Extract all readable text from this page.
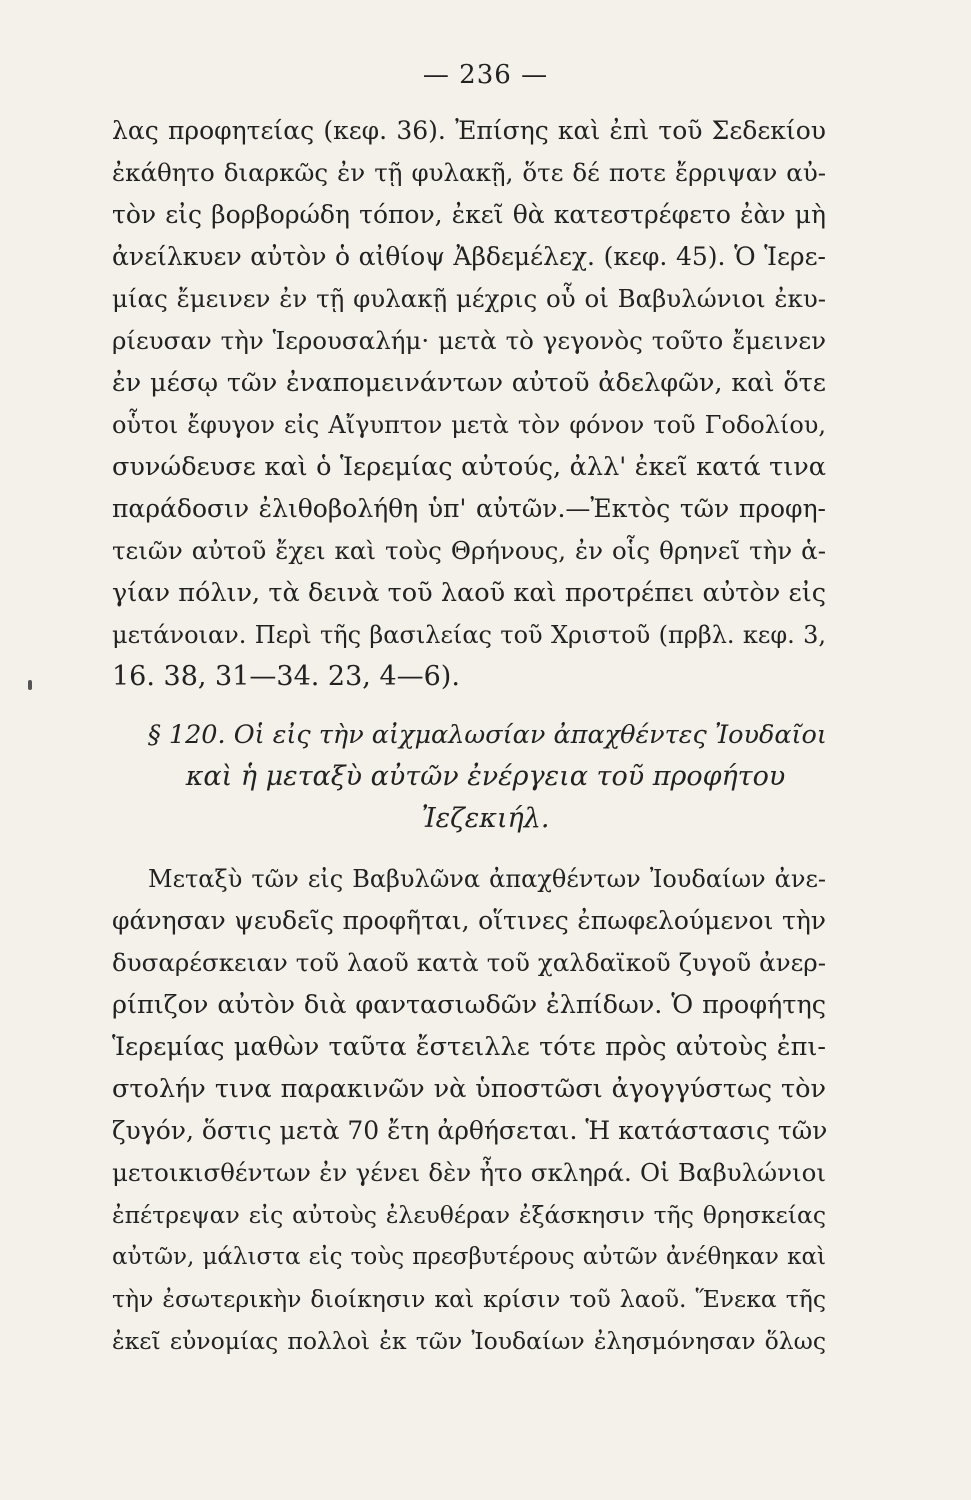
— 236 —
λας προφητείας (κεφ. 36). Ἐπίσης καὶ ἐπὶ τοῦ Σεδεκίου
ἐκάθητο διαρκῶς ἐν τῇ φυλακῇ, ὅτε δέ ποτε ἔρριψαν αὐ-
τὸν εἰς βορβορώδη τόπον, ἐκεῖ θὰ κατεστρέφετο ἐὰν μὴ
ἀνείλκυεν αὐτὸν ὁ αἰθίοψ Ἀβδεμέλεχ. (κεφ. 45). Ὁ Ἱερε-
μίας ἔμεινεν ἐν τῇ φυλακῇ μέχρις οὗ οἱ Βαβυλώνιοι ἐκυ-
ρίευσαν τὴν Ἱερουσαλήμ· μετὰ τὸ γεγονὸς τοῦτο ἔμεινεν
ἐν μέσῳ τῶν ἐναπομεινάντων αὐτοῦ ἀδελφῶν, καὶ ὅτε
οὗτοι ἔφυγον εἰς Αἴγυπτον μετὰ τὸν φόνον τοῦ Γοδολίου,
συνώδευσε καὶ ὁ Ἱερεμίας αὐτούς, ἀλλ' ἐκεῖ κατά τινα
παράδοσιν ἐλιθοβολήθη ὑπ' αὐτῶν.—Ἐκτὸς τῶν προφη-
τειῶν αὐτοῦ ἔχει καὶ τοὺς Θρήνους, ἐν οἷς θρηνεῖ τὴν ἁ-
γίαν πόλιν, τὰ δεινὰ τοῦ λαοῦ καὶ προτρέπει αὐτὸν εἰς
μετάνοιαν. Περὶ τῆς βασιλείας τοῦ Χριστοῦ (πρβλ. κεφ. 3,
16. 38, 31—34. 23, 4—6).
§ 120. Οἱ εἰς τὴν αἰχμαλωσίαν ἀπαχθέντες Ἰουδαῖοι
καὶ ἡ μεταξὺ αὐτῶν ἐνέργεια τοῦ προφήτου
Ἰεζεκιήλ.
Μεταξὺ τῶν εἰς Βαβυλῶνα ἀπαχθέντων Ἰουδαίων ἀνε-
φάνησαν ψευδεῖς προφῆται, οἵτινες ἐπωφελούμενοι τὴν
δυσαρέσκειαν τοῦ λαοῦ κατὰ τοῦ χαλδαϊκοῦ ζυγοῦ ἀνερ-
ρίπιζον αὐτὸν διὰ φαντασιωδῶν ἐλπίδων. Ὁ προφήτης
Ἱερεμίας μαθὼν ταῦτα ἔστειλλε τότε πρὸς αὐτοὺς ἐπι-
στολήν τινα παρακινῶν νὰ ὑποστῶσι ἀγογγύστως τὸν
ζυγόν, ὅστις μετὰ 70 ἔτη ἀρθήσεται. Ἡ κατάστασις τῶν
μετοικισθέντων ἐν γένει δὲν ἦτο σκληρά. Οἱ Βαβυλώνιοι
ἐπέτρεψαν εἰς αὐτοὺς ἐλευθέραν ἐξάσκησιν τῆς θρησκείας
αὐτῶν, μάλιστα εἰς τοὺς πρεσβυτέρους αὐτῶν ἀνέθηκαν καὶ
τὴν ἐσωτερικὴν διοίκησιν καὶ κρίσιν τοῦ λαοῦ. Ἕνεκα τῆς
ἐκεῖ εὐνομίας πολλοὶ ἐκ τῶν Ἰουδαίων ἐλησμόνησαν ὅλως
